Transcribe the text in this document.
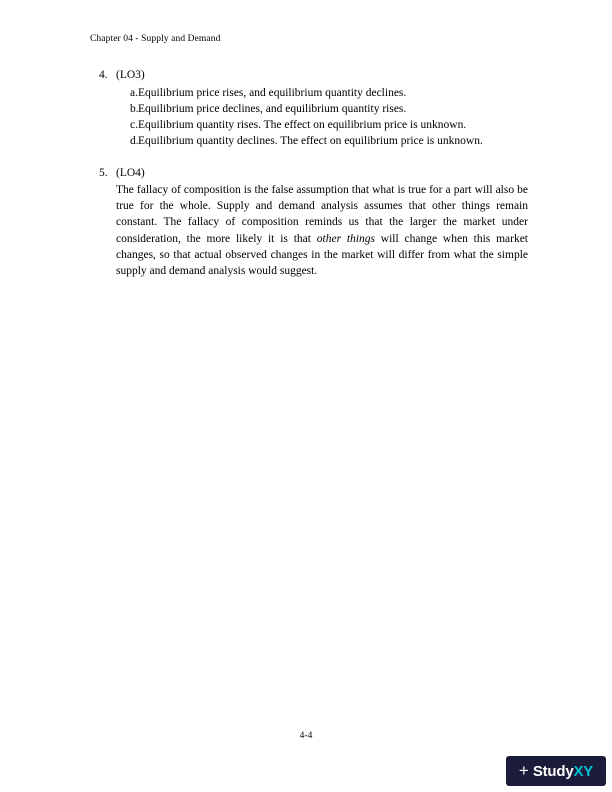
Chapter 04 - Supply and Demand
4. (LO3)
a. Equilibrium price rises, and equilibrium quantity declines.
b. Equilibrium price declines, and equilibrium quantity rises.
c. Equilibrium quantity rises. The effect on equilibrium price is unknown.
d. Equilibrium quantity declines. The effect on equilibrium price is unknown.
5. (LO4)
The fallacy of composition is the false assumption that what is true for a part will also be true for the whole. Supply and demand analysis assumes that other things remain constant. The fallacy of composition reminds us that the larger the market under consideration, the more likely it is that other things will change when this market changes, so that actual observed changes in the market will differ from what the simple supply and demand analysis would suggest.
4-4
+ StudyXY
